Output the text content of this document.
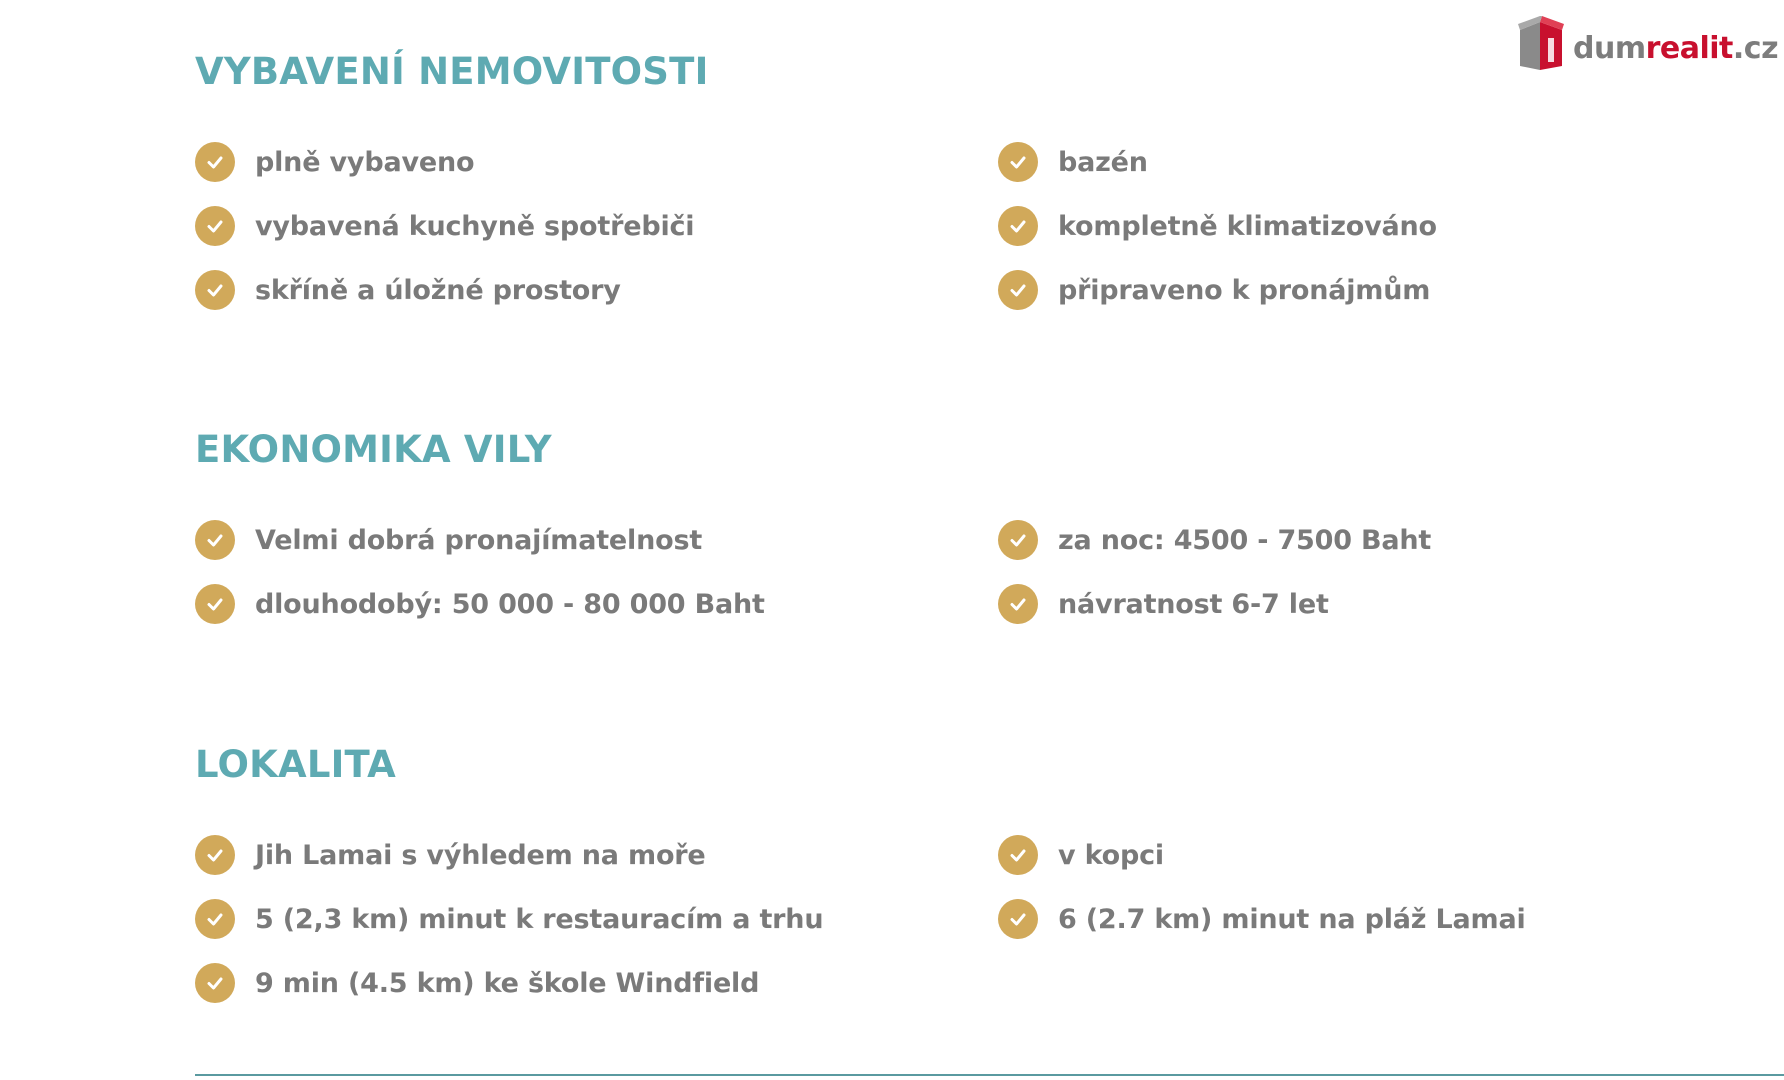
dumrealit.cz
VYBAVENÍ NEMOVITOSTI
plně vybaveno
vybavená kuchyně spotřebiči
skříně a úložné prostory
bazén
kompletně klimatizováno
připraveno k pronájmům
EKONOMIKA VILY
Velmi dobrá pronajímatelnost
dlouhodobý: 50 000 - 80 000 Baht
za noc: 4500 - 7500 Baht
návratnost 6-7 let
LOKALITA
Jih Lamai s výhledem na moře
5 (2,3 km) minut k restauracím a trhu
9 min (4.5 km) ke škole Windfield
v kopci
6 (2.7 km) minut na pláž Lamai
